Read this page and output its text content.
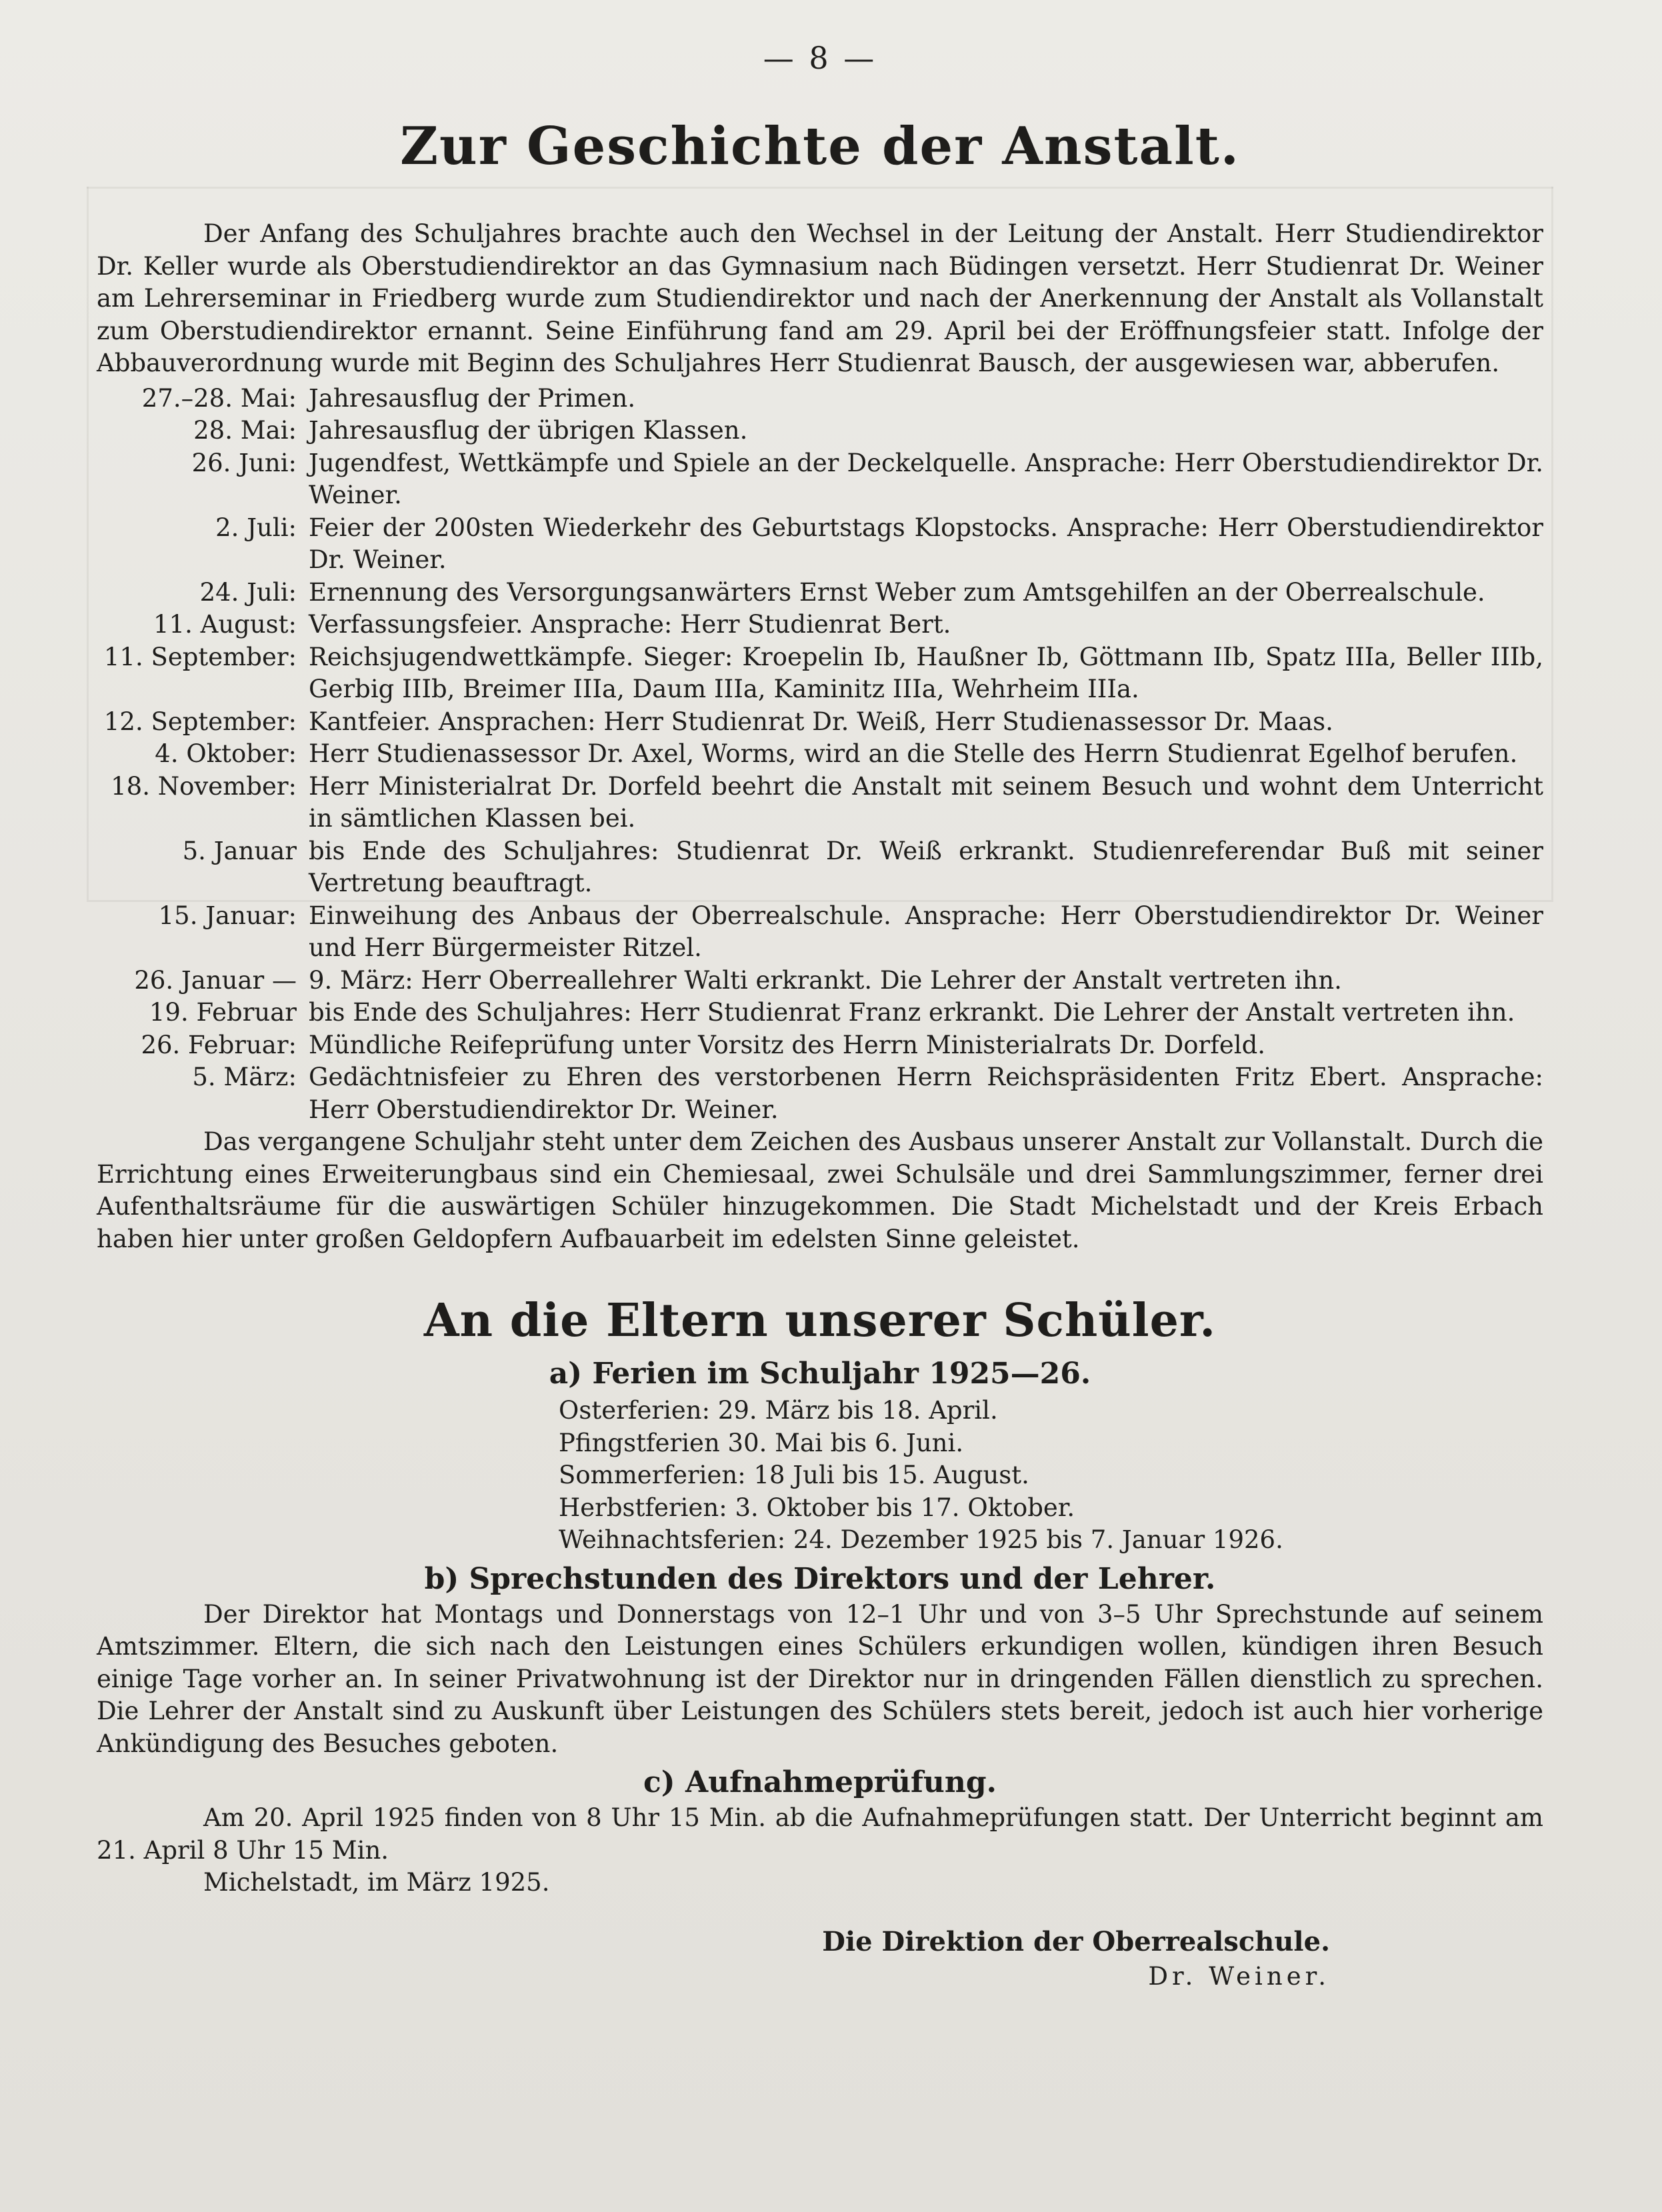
— 8 —
Zur Geschichte der Anstalt.

Der Anfang des Schuljahres brachte auch den Wechsel in der Leitung der Anstalt. Herr Studiendirektor Dr. Keller wurde als Oberstudiendirektor an das Gymnasium nach Büdingen versetzt. Herr Studienrat Dr. Weiner am Lehrerseminar in Friedberg wurde zum Studiendirektor und nach der Anerkennung der Anstalt als Vollanstalt zum Oberstudiendirektor ernannt. Seine Einführung fand am 29. April bei der Eröffnungsfeier statt. Infolge der Abbauverordnung wurde mit Beginn des Schuljahres Herr Studienrat Bausch, der ausgewiesen war, abberufen.

27.–28. Mai: Jahresausflug der Primen.
28. Mai: Jahresausflug der übrigen Klassen.
26. Juni: Jugendfest, Wettkämpfe und Spiele an der Deckelquelle. Ansprache: Herr Oberstudiendirektor Dr. Weiner.
2. Juli: Feier der 200sten Wiederkehr des Geburtstags Klopstocks. Ansprache: Herr Oberstudiendirektor Dr. Weiner.
24. Juli: Ernennung des Versorgungsanwärters Ernst Weber zum Amtsgehilfen an der Oberrealschule.
11. August: Verfassungsfeier. Ansprache: Herr Studienrat Bert.
11. September: Reichsjugendwettkämpfe. Sieger: Kroepelin Ib, Haußner Ib, Göttmann IIb, Spatz IIIa, Beller IIIb, Gerbig IIIb, Breimer IIIa, Daum IIIa, Kaminitz IIIa, Wehrheim IIIa.
12. September: Kantfeier. Ansprachen: Herr Studienrat Dr. Weiß, Herr Studienassessor Dr. Maas.
4. Oktober: Herr Studienassessor Dr. Axel, Worms, wird an die Stelle des Herrn Studienrat Egelhof berufen.
18. November: Herr Ministerialrat Dr. Dorfeld beehrt die Anstalt mit seinem Besuch und wohnt dem Unterricht in sämtlichen Klassen bei.
5. Januar bis Ende des Schuljahres: Studienrat Dr. Weiß erkrankt. Studienreferendar Buß mit seiner Vertretung beauftragt.
15. Januar: Einweihung des Anbaus der Oberrealschule. Ansprache: Herr Oberstudiendirektor Dr. Weiner und Herr Bürgermeister Ritzel.
26. Januar — 9. März: Herr Oberreallehrer Walti erkrankt. Die Lehrer der Anstalt vertreten ihn.
19. Februar bis Ende des Schuljahres: Herr Studienrat Franz erkrankt. Die Lehrer der Anstalt vertreten ihn.
26. Februar: Mündliche Reifeprüfung unter Vorsitz des Herrn Ministerialrats Dr. Dorfeld.
5. März: Gedächtnisfeier zu Ehren des verstorbenen Herrn Reichspräsidenten Fritz Ebert. Ansprache: Herr Oberstudiendirektor Dr. Weiner.

Das vergangene Schuljahr steht unter dem Zeichen des Ausbaus unserer Anstalt zur Vollanstalt. Durch die Errichtung eines Erweiterungbaus sind ein Chemiesaal, zwei Schulsäle und drei Sammlungszimmer, ferner drei Aufenthaltsräume für die auswärtigen Schüler hinzugekommen. Die Stadt Michelstadt und der Kreis Erbach haben hier unter großen Geldopfern Aufbauarbeit im edelsten Sinne geleistet.

An die Eltern unserer Schüler.
a) Ferien im Schuljahr 1925—26.
Osterferien: 29. März bis 18. April.
Pfingstferien 30. Mai bis 6. Juni.
Sommerferien: 18 Juli bis 15. August.
Herbstferien: 3. Oktober bis 17. Oktober.
Weihnachtsferien: 24. Dezember 1925 bis 7. Januar 1926.
b) Sprechstunden des Direktors und der Lehrer.

Der Direktor hat Montags und Donnerstags von 12–1 Uhr und von 3–5 Uhr Sprechstunde auf seinem Amtszimmer. Eltern, die sich nach den Leistungen eines Schülers erkundigen wollen, kündigen ihren Besuch einige Tage vorher an. In seiner Privatwohnung ist der Direktor nur in dringenden Fällen dienstlich zu sprechen. Die Lehrer der Anstalt sind zu Auskunft über Leistungen des Schülers stets bereit, jedoch ist auch hier vorherige Ankündigung des Besuches geboten.

c) Aufnahmeprüfung.

Am 20. April 1925 finden von 8 Uhr 15 Min. ab die Aufnahmeprüfungen statt. Der Unterricht beginnt am 21. April 8 Uhr 15 Min.

Michelstadt, im März 1925.

Die Direktion der Oberrealschule.
Dr. Weiner.
